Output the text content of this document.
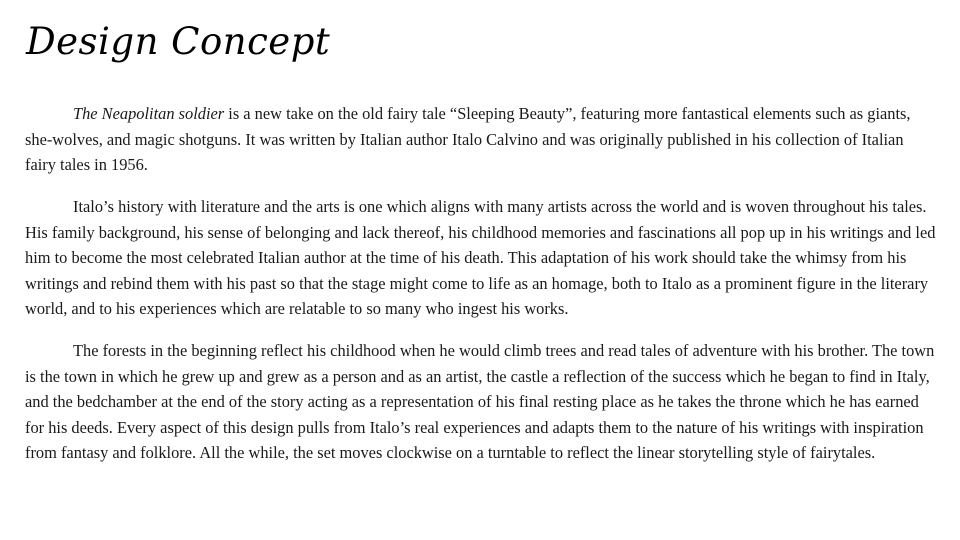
Design Concept

The Neapolitan soldier is a new take on the old fairy tale “Sleeping Beauty”, featuring more fantastical elements such as giants, she-wolves, and magic shotguns. It was written by Italian author Italo Calvino and was originally published in his collection of Italian fairy tales in 1956.

Italo’s history with literature and the arts is one which aligns with many artists across the world and is woven throughout his tales. His family background, his sense of belonging and lack thereof, his childhood memories and fascinations all pop up in his writings and led him to become the most celebrated Italian author at the time of his death. This adaptation of his work should take the whimsy from his writings and rebind them with his past so that the stage might come to life as an homage, both to Italo as a prominent figure in the literary world, and to his experiences which are relatable to so many who ingest his works.

The forests in the beginning reflect his childhood when he would climb trees and read tales of adventure with his brother. The town is the town in which he grew up and grew as a person and as an artist, the castle a reflection of the success which he began to find in Italy, and the bedchamber at the end of the story acting as a representation of his final resting place as he takes the throne which he has earned for his deeds. Every aspect of this design pulls from Italo’s real experiences and adapts them to the nature of his writings with inspiration from fantasy and folklore. All the while, the set moves clockwise on a turntable to reflect the linear storytelling style of fairytales.
